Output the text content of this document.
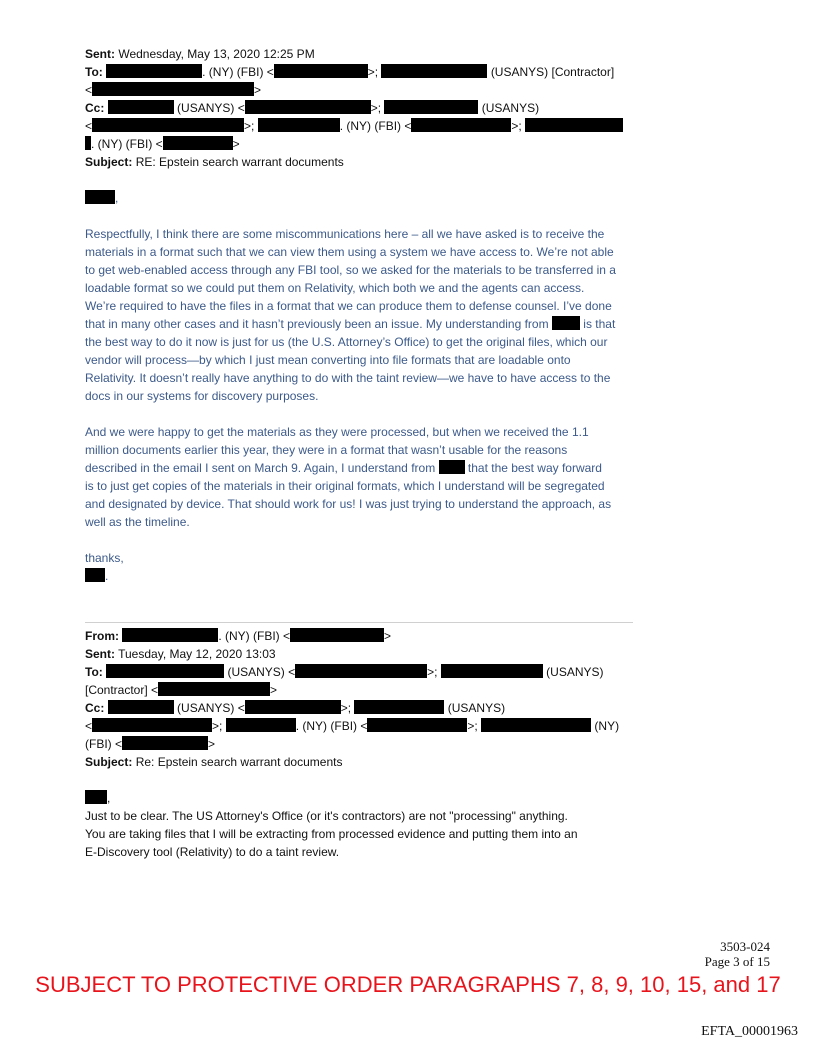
Sent: Wednesday, May 13, 2020 12:25 PM
To:	. (NY) (FBI) <	>;	(USANYS) [Contractor]
<	>
Cc:	(USANYS) <	>;	(USANYS)
<	>;	. (NY) (FBI) <	>;
. (NY) (FBI) <	>
Subject: RE: Epstein search warrant documents
,
Respectfully, I think there are some miscommunications here – all we have asked is to receive the
materials in a format such that we can view them using a system we have access to. We’re not able
to get web-enabled access through any FBI tool, so we asked for the materials to be transferred in a
loadable format so we could put them on Relativity, which both we and the agents can access.
We’re required to have the files in a format that we can produce them to defense counsel. I’ve done
that in many other cases and it hasn’t previously been an issue. My understanding from	is that
the best way to do it now is just for us (the U.S. Attorney’s Office) to get the original files, which our
vendor will process—by which I just mean converting into file formats that are loadable onto
Relativity. It doesn’t really have anything to do with the taint review—we have to have access to the
docs in our systems for discovery purposes.
And we were happy to get the materials as they were processed, but when we received the 1.1
million documents earlier this year, they were in a format that wasn’t usable for the reasons
described in the email I sent on March 9. Again, I understand from	that the best way forward
is to just get copies of the materials in their original formats, which I understand will be segregated
and designated by device. That should work for us! I was just trying to understand the approach, as
well as the timeline.
thanks,
.
From:	. (NY) (FBI) <	>
Sent: Tuesday, May 12, 2020 13:03
To:	(USANYS) <	>;	(USANYS)
[Contractor] <	>
Cc:	(USANYS) <	>;	(USANYS)
<	>;	. (NY) (FBI) <	>;	(NY)
(FBI) <	>
Subject: Re: Epstein search warrant documents
,
Just to be clear. The US Attorney's Office (or it's contractors) are not "processing" anything.
You are taking files that I will be extracting from processed evidence and putting them into an
E-Discovery tool (Relativity) to do a taint review.
3503-024
Page 3 of 15
SUBJECT TO PROTECTIVE ORDER PARAGRAPHS 7, 8, 9, 10, 15, and 17
EFTA_00001963
